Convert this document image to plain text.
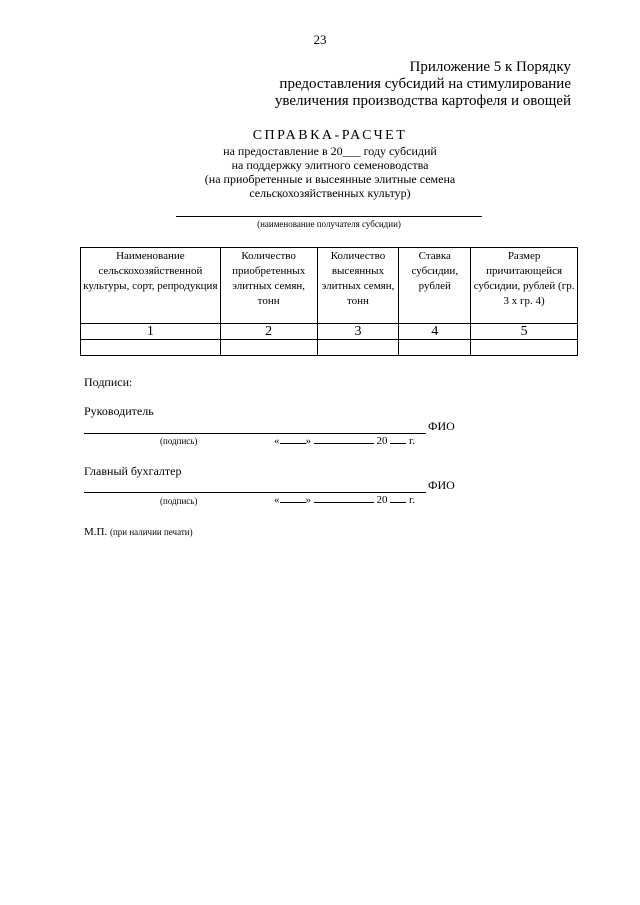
23
Приложение 5 к Порядку
предоставления субсидий на стимулирование
увеличения производства картофеля и овощей
СПРАВКА-РАСЧЕТ
на предоставление в 20___ году субсидий
на поддержку элитного семеноводства
(на приобретенные и высеянные элитные семена
сельскохозяйственных культур)
(наименование получателя субсидии)
Наименование сельскохозяйственной культуры, сорт, репродукция	Количество приобретенных элитных семян, тонн	Количество высеянных элитных семян, тонн	Ставка субсидии, рублей	Размер причитающейся субсидии, рублей (гр. 3 х гр. 4)
1	2	3	4	5

Подписи:
Руководитель
ФИО
(подпись)	« »	20 г.
Главный бухгалтер
ФИО
(подпись)	« »	20 г.
М.П. (при наличии печати)
